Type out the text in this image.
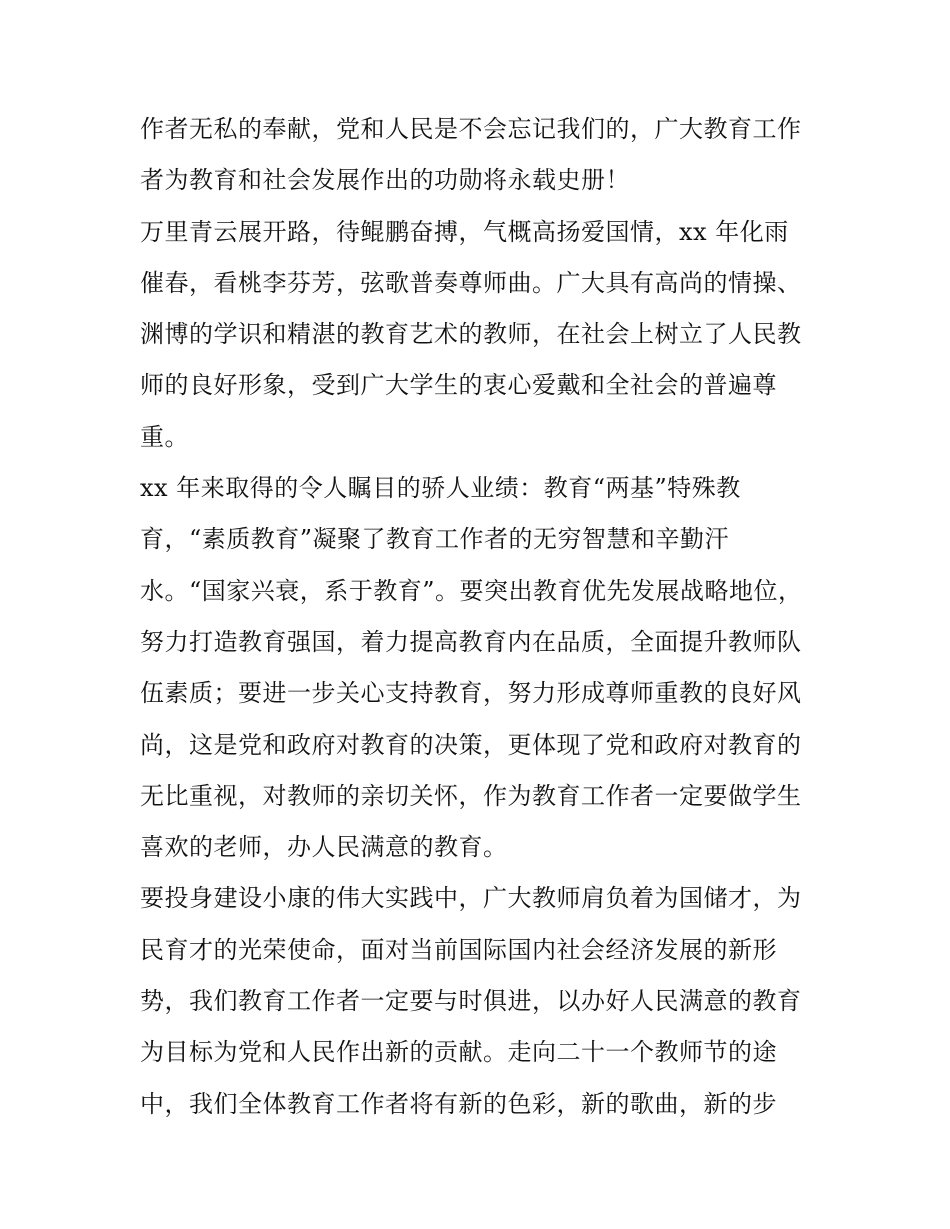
作者无私的奉献，党和人民是不会忘记我们的，广大教育工作
者为教育和社会发展作出的功勋将永载史册！
万里青云展开路，待鲲鹏奋搏，气概高扬爱国情，xx 年化雨
催春，看桃李芬芳，弦歌普奏尊师曲。广大具有高尚的情操、
渊博的学识和精湛的教育艺术的教师，在社会上树立了人民教
师的良好形象，受到广大学生的衷心爱戴和全社会的普遍尊
重。
xx 年来取得的令人瞩目的骄人业绩：教育“两基”特殊教
育，“素质教育”凝聚了教育工作者的无穷智慧和辛勤汗
水。“国家兴衰，系于教育”。要突出教育优先发展战略地位，
努力打造教育强国，着力提高教育内在品质，全面提升教师队
伍素质；要进一步关心支持教育，努力形成尊师重教的良好风
尚，这是党和政府对教育的决策，更体现了党和政府对教育的
无比重视，对教师的亲切关怀，作为教育工作者一定要做学生
喜欢的老师，办人民满意的教育。
要投身建设小康的伟大实践中，广大教师肩负着为国储才，为
民育才的光荣使命，面对当前国际国内社会经济发展的新形
势，我们教育工作者一定要与时俱进，以办好人民满意的教育
为目标为党和人民作出新的贡献。走向二十一个教师节的途
中，我们全体教育工作者将有新的色彩，新的歌曲，新的步
